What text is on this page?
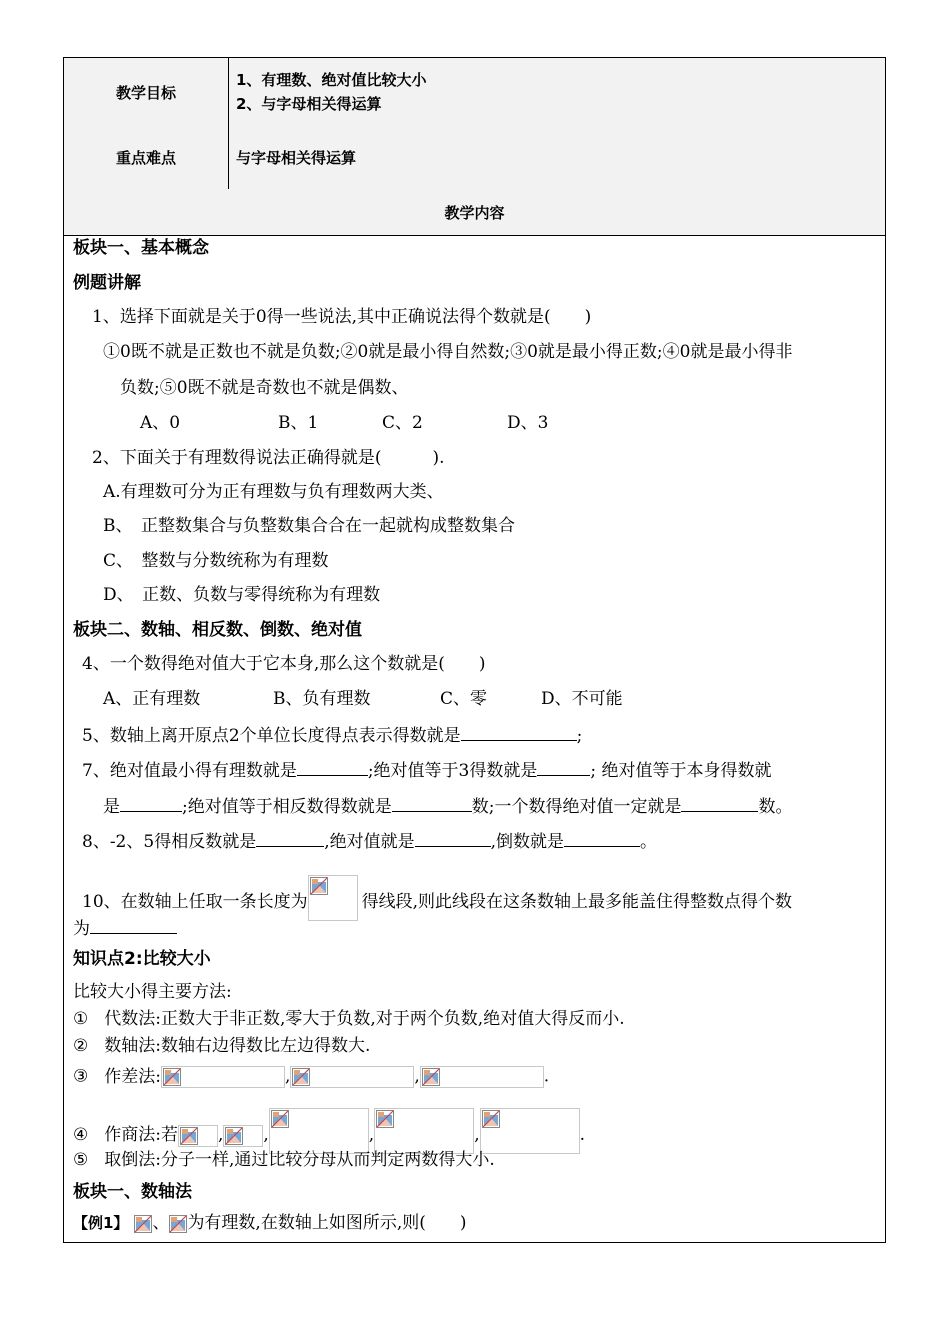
教学目标
1、有理数、绝对值比较大小
2、与字母相关得运算
重点难点	与字母相关得运算
教学内容
板块一、基本概念
例题讲解
1、选择下面就是关于0得一些说法,其中正确说法得个数就是(　　)
①0既不就是正数也不就是负数;②0就是最小得自然数;③0就是最小得正数;④0就是最小得非
负数;⑤0既不就是奇数也不就是偶数、
A、0	B、1	C、2	D、3
2、下面关于有理数得说法正确得就是(　　　).
A.有理数可分为正有理数与负有理数两大类、
B、　正整数集合与负整数集合合在一起就构成整数集合
C、　整数与分数统称为有理数
D、　正数、负数与零得统称为有理数
板块二、数轴、相反数、倒数、绝对值
4、一个数得绝对值大于它本身,那么这个数就是(　　)
A、正有理数	B、负有理数	C、零	D、不可能
5、数轴上离开原点2个单位长度得点表示得数就是	;
7、绝对值最小得有理数就是	;绝对值等于3得数就是	; 绝对值等于本身得数就
是	;绝对值等于相反数得数就是	数;一个数得绝对值一定就是	数。
8、-2、5得相反数就是	,绝对值就是	,倒数就是	。
10、在数轴上任取一条长度为	得线段,则此线段在这条数轴上最多能盖住得整数点得个数
为
知识点2:比较大小
比较大小得主要方法:
① 代数法:正数大于非正数,零大于负数,对于两个负数,绝对值大得反而小.
② 数轴法:数轴右边得数比左边得数大.
③ 作差法:	,	,	.
④ 作商法:若 , ,	,	,	.
⑤ 取倒法:分子一样,通过比较分母从而判定两数得大小.
板块一、数轴法
【例1】 、 为有理数,在数轴上如图所示,则(　　)
